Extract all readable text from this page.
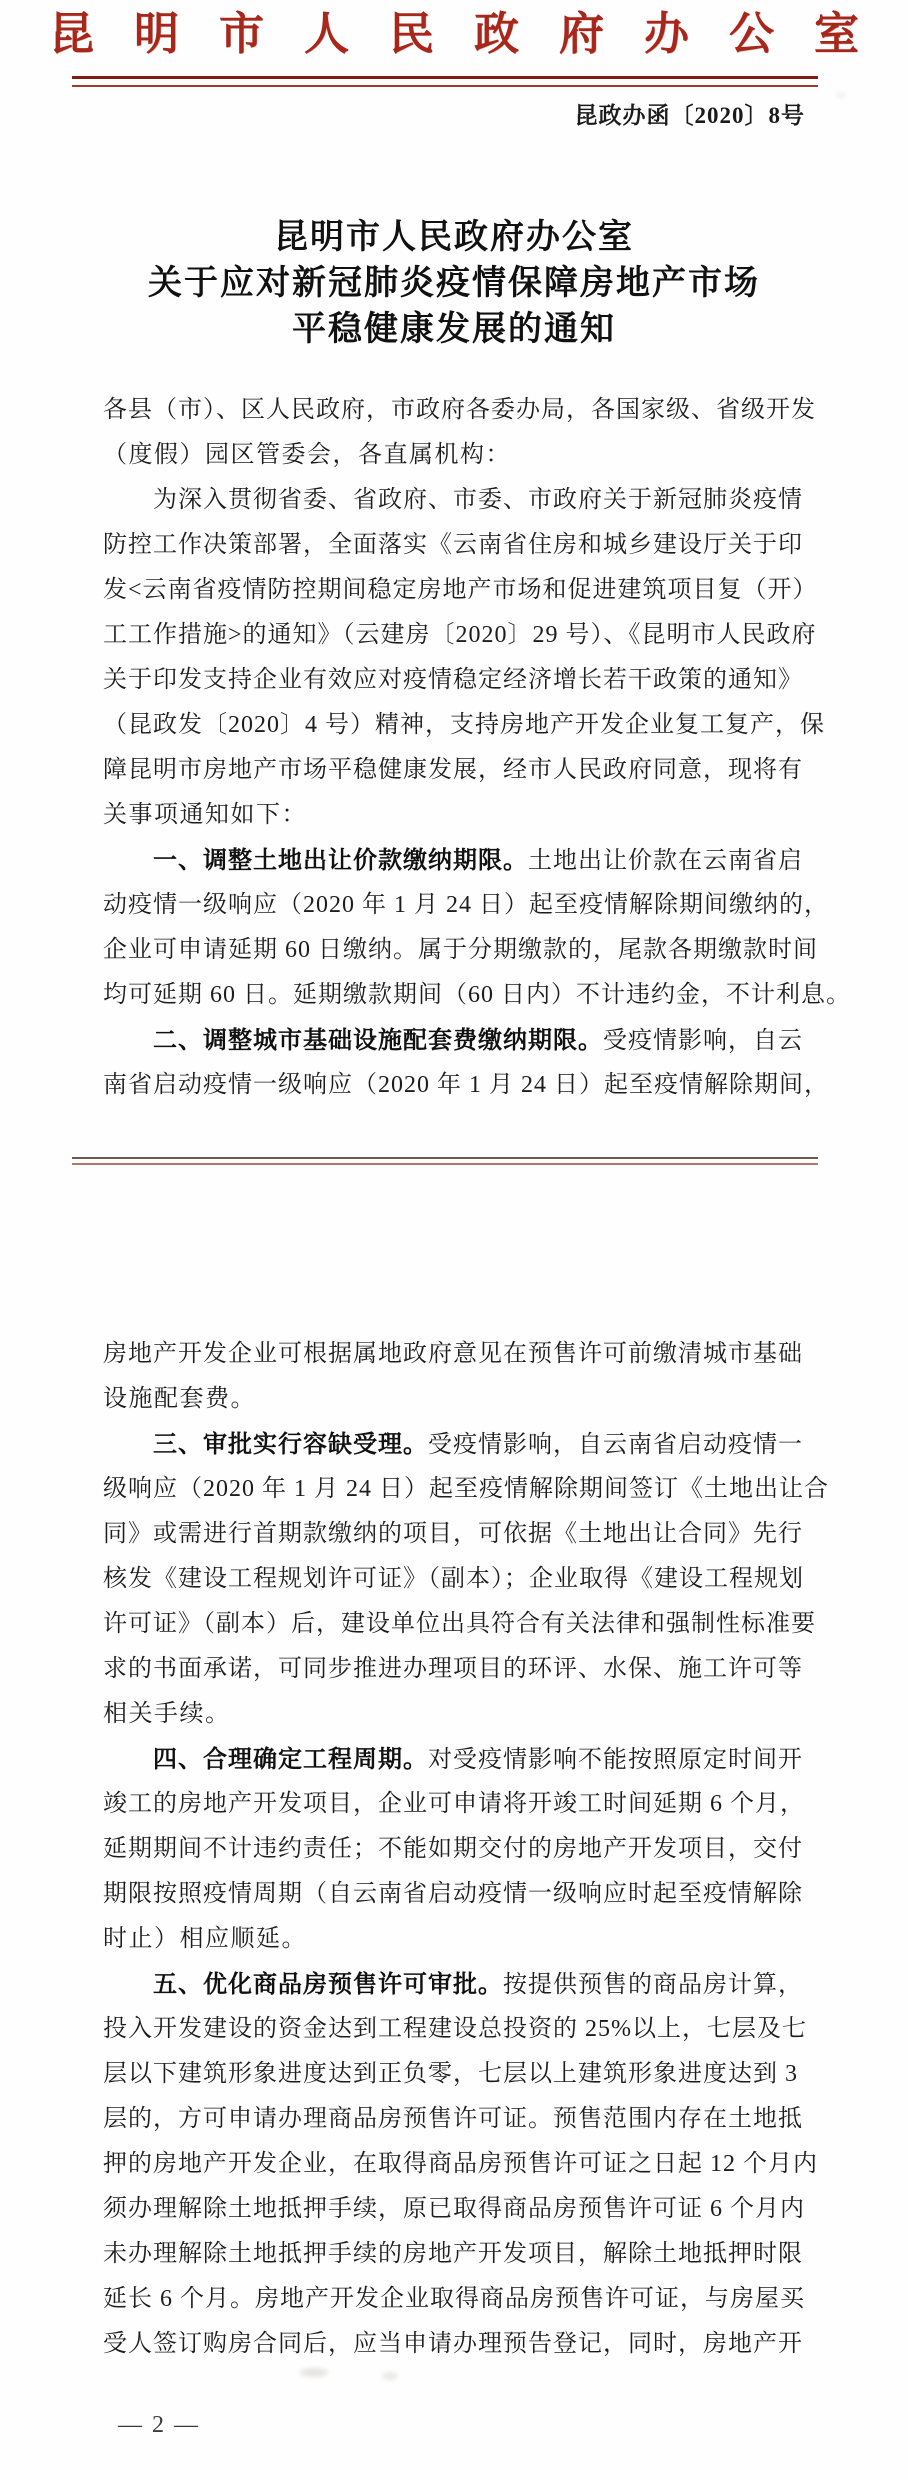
昆明市人民政府办公室
昆政办函〔2020〕8号
昆明市人民政府办公室
关于应对新冠肺炎疫情保障房地产市场
平稳健康发展的通知
各县（市）、区人民政府，市政府各委办局，各国家级、省级开发
（度假）园区管委会，各直属机构：
为深入贯彻省委、省政府、市委、市政府关于新冠肺炎疫情
防控工作决策部署，全面落实《云南省住房和城乡建设厅关于印
发<云南省疫情防控期间稳定房地产市场和促进建筑项目复（开）
工工作措施>的通知》（云建房〔2020〕29 号）、《昆明市人民政府
关于印发支持企业有效应对疫情稳定经济增长若干政策的通知》
（昆政发〔2020〕4 号）精神，支持房地产开发企业复工复产，保
障昆明市房地产市场平稳健康发展，经市人民政府同意，现将有
关事项通知如下：
一、调整土地出让价款缴纳期限。土地出让价款在云南省启
动疫情一级响应（2020 年 1 月 24 日）起至疫情解除期间缴纳的，
企业可申请延期 60 日缴纳。属于分期缴款的，尾款各期缴款时间
均可延期 60 日。延期缴款期间（60 日内）不计违约金，不计利息。
二、调整城市基础设施配套费缴纳期限。受疫情影响，自云
南省启动疫情一级响应（2020 年 1 月 24 日）起至疫情解除期间，
房地产开发企业可根据属地政府意见在预售许可前缴清城市基础
设施配套费。
三、审批实行容缺受理。受疫情影响，自云南省启动疫情一
级响应（2020 年 1 月 24 日）起至疫情解除期间签订《土地出让合
同》或需进行首期款缴纳的项目，可依据《土地出让合同》先行
核发《建设工程规划许可证》（副本）；企业取得《建设工程规划
许可证》（副本）后，建设单位出具符合有关法律和强制性标准要
求的书面承诺，可同步推进办理项目的环评、水保、施工许可等
相关手续。
四、合理确定工程周期。对受疫情影响不能按照原定时间开
竣工的房地产开发项目，企业可申请将开竣工时间延期 6 个月，
延期期间不计违约责任；不能如期交付的房地产开发项目，交付
期限按照疫情周期（自云南省启动疫情一级响应时起至疫情解除
时止）相应顺延。
五、优化商品房预售许可审批。按提供预售的商品房计算，
投入开发建设的资金达到工程建设总投资的 25%以上，七层及七
层以下建筑形象进度达到正负零，七层以上建筑形象进度达到 3
层的，方可申请办理商品房预售许可证。预售范围内存在土地抵
押的房地产开发企业，在取得商品房预售许可证之日起 12 个月内
须办理解除土地抵押手续，原已取得商品房预售许可证 6 个月内
未办理解除土地抵押手续的房地产开发项目，解除土地抵押时限
延长 6 个月。房地产开发企业取得商品房预售许可证，与房屋买
受人签订购房合同后，应当申请办理预告登记，同时，房地产开
— 2 —
